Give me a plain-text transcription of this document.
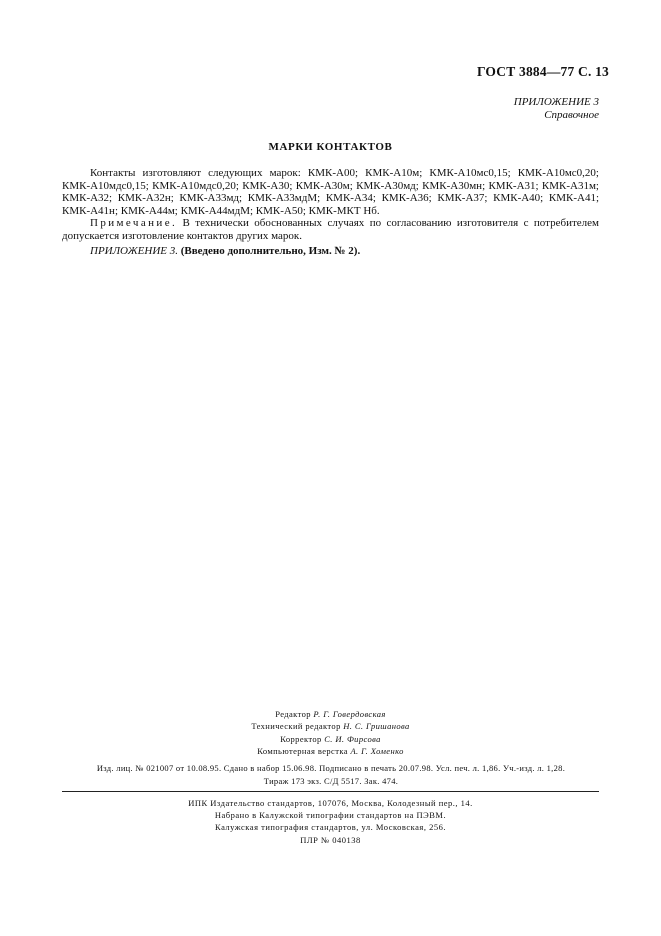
ГОСТ 3884—77 С. 13
ПРИЛОЖЕНИЕ 3
Справочное
МАРКИ КОНТАКТОВ

Контакты изготовляют следующих марок: КМК-А00; КМК-А10м; КМК-А10мс0,15; КМК-А10мс0,20; КМК-А10мдс0,15; КМК-А10мдс0,20; КМК-А30; КМК-А30м; КМК-А30мд; КМК-А30мн; КМК-А31; КМК-А31м; КМК-А32; КМК-А32н; КМК-А33мд; КМК-А33мдМ; КМК-А34; КМК-А36; КМК-А37; КМК-А40; КМК-А41; КМК-А41н; КМК-А44м; КМК-А44мдМ; КМК-А50; КМК-МКТ Нб.

Примечание. В технически обоснованных случаях по согласованию изготовителя с потребителем допускается изготовление контактов других марок.

ПРИЛОЖЕНИЕ 3. (Введено дополнительно, Изм. № 2).
Редактор Р. Г. Говердовская
Технический редактор Н. С. Гришанова
Корректор С. И. Фирсова
Компьютерная верстка А. Г. Хоменко
Изд. лиц. № 021007 от 10.08.95. Сдано в набор 15.06.98. Подписано в печать 20.07.98. Усл. печ. л. 1,86. Уч.-изд. л. 1,28.
Тираж 173 экз. С/Д 5517. Зак. 474.
ИПК Издательство стандартов, 107076, Москва, Колодезный пер., 14.
Набрано в Калужской типографии стандартов на ПЭВМ.
Калужская типография стандартов, ул. Московская, 256.
ПЛР № 040138
